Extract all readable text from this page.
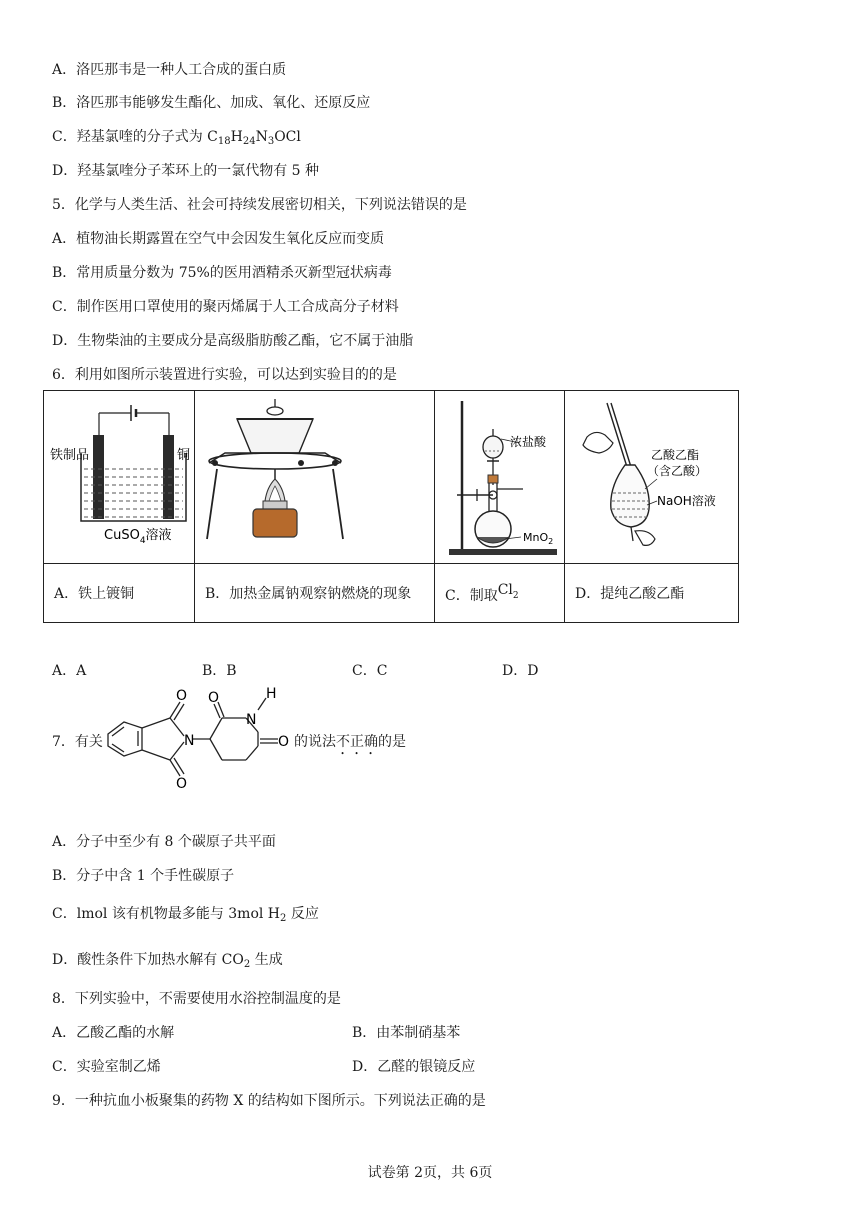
A．洛匹那韦是一种人工合成的蛋白质
B．洛匹那韦能够发生酯化、加成、氧化、还原反应
C．羟基氯喹的分子式为 $C_{18}H_{24}N_3OCl$
D．羟基氯喹分子苯环上的一氯代物有 5 种
5．化学与人类生活、社会可持续发展密切相关，下列说法错误的是
A．植物油长期露置在空气中会因发生氧化反应而变质
B．常用质量分数为 75%的医用酒精杀灭新型冠状病毒
C．制作医用口罩使用的聚丙烯属于人工合成高分子材料
D．生物柴油的主要成分是高级脂肪酸乙酯，它不属于油脂
6．利用如图所示装置进行实验，可以达到实验目的的是
铁制品 铜
CuSO$_4$溶液		浓盐酸
MnO$_2$	乙酸乙酯
（含乙酸）
NaOH溶液

A．铁上镀铜	B．加热金属钠观察钠燃烧的现象	C．制取Cl2	D．提纯乙酸乙酯
A．A	B．B	C．C	D．D
7．有关
O
N
O
O
N
H
O 的说法不正确的是
A．分子中至少有 8 个碳原子共平面
B．分子中含 1 个手性碳原子
C．lmol 该有机物最多能与 3mol $H_2$ 反应
D．酸性条件下加热水解有 $CO_2$ 生成
8．下列实验中，不需要使用水浴控制温度的是
A．乙酸乙酯的水解	B．由苯制硝基苯
C．实验室制乙烯	D．乙醛的银镜反应
9．一种抗血小板聚集的药物 X 的结构如下图所示。下列说法正确的是
试卷第 2页，共 6页
